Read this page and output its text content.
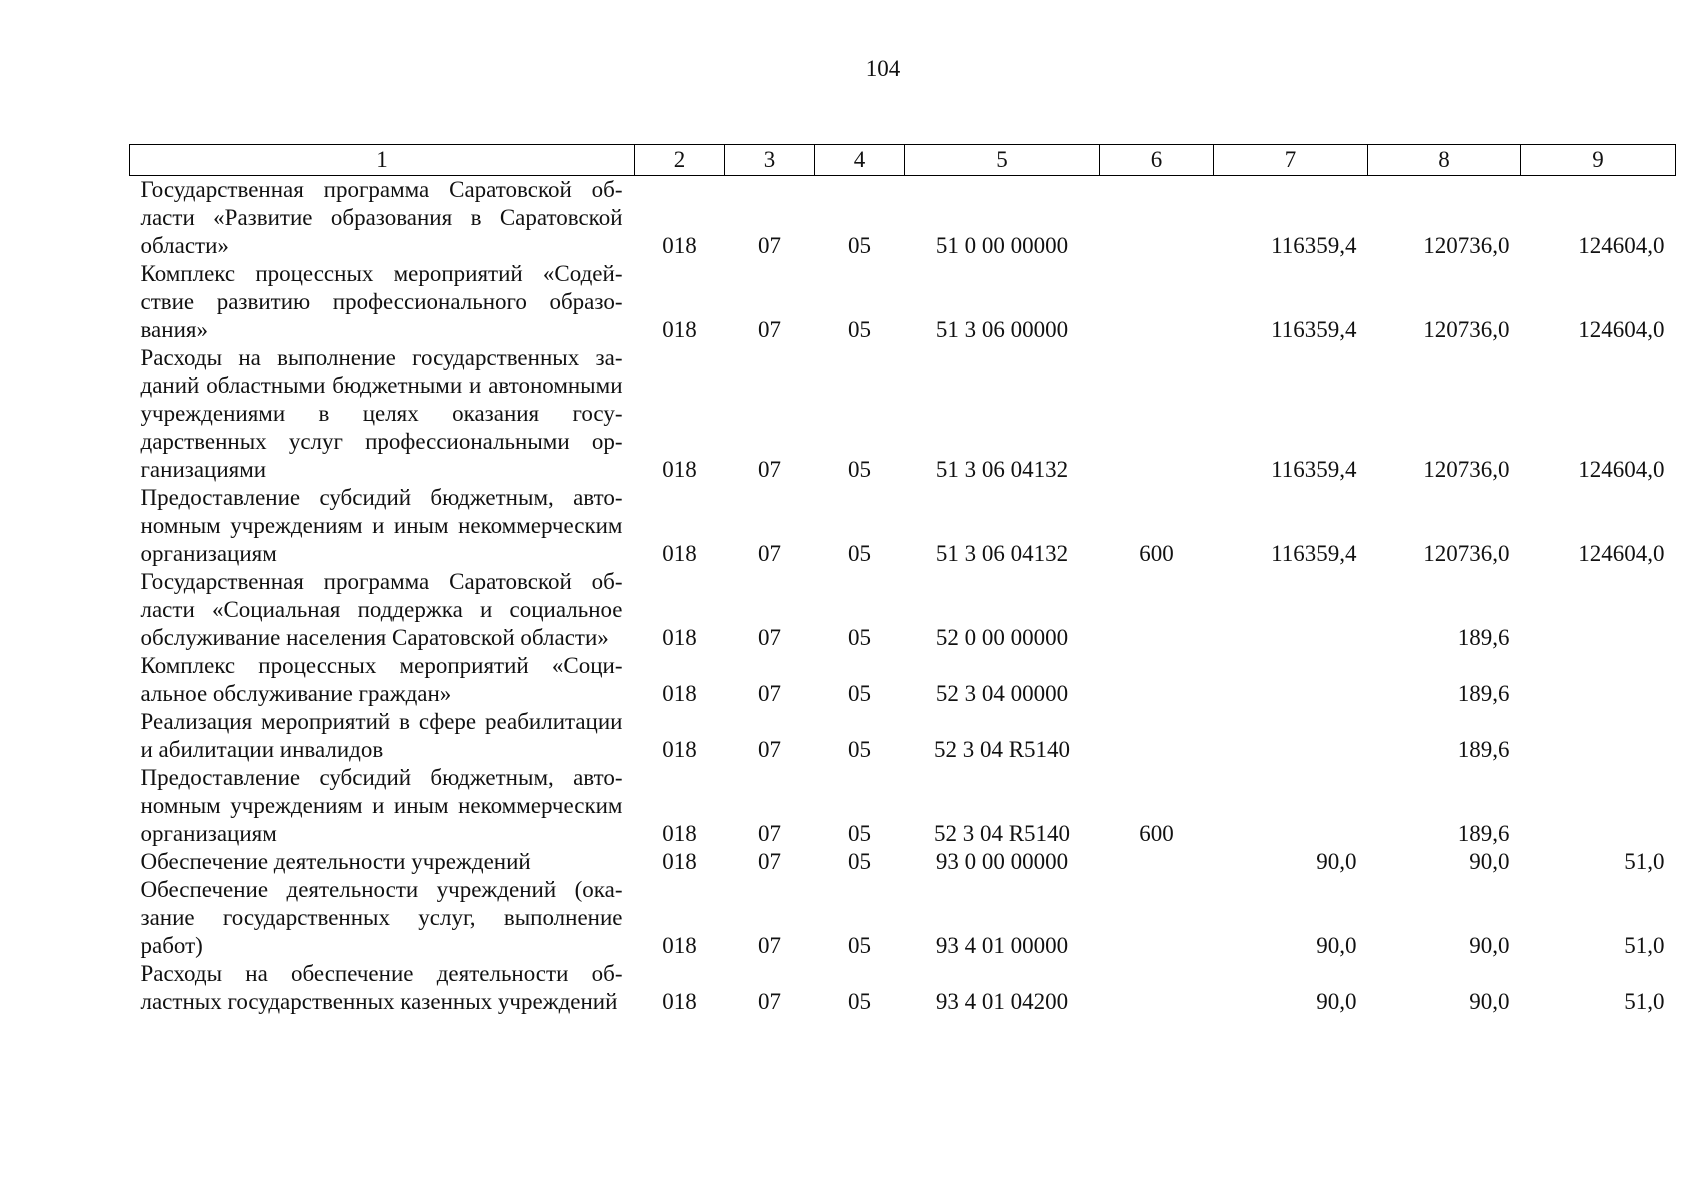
104
1	2	3	4	5	6	7	8	9
Государственная программа Саратовской области «Развитие образования в Саратовской области»	018	07	05	51 0 00 00000		116359,4	120736,0	124604,0
Комплекс процессных мероприятий «Содействие развитию профессионального образования»	018	07	05	51 3 06 00000		116359,4	120736,0	124604,0
Расходы на выполнение государственных заданий областными бюджетными и автономными учреждениями в целях оказания государственных услуг профессиональными организациями	018	07	05	51 3 06 04132		116359,4	120736,0	124604,0
Предоставление субсидий бюджетным, автономным учреждениям и иным некоммерческим организациям	018	07	05	51 3 06 04132	600	116359,4	120736,0	124604,0
Государственная программа Саратовской области «Социальная поддержка и социальное обслуживание населения Саратовской области»	018	07	05	52 0 00 00000			189,6	
Комплекс процессных мероприятий «Социальное обслуживание граждан»	018	07	05	52 3 04 00000			189,6	
Реализация мероприятий в сфере реабилитации и абилитации инвалидов	018	07	05	52 3 04 R5140			189,6	
Предоставление субсидий бюджетным, автономным учреждениям и иным некоммерческим организациям	018	07	05	52 3 04 R5140	600		189,6	
Обеспечение деятельности учреждений	018	07	05	93 0 00 00000		90,0	90,0	51,0
Обеспечение деятельности учреждений (оказание государственных услуг, выполнение работ)	018	07	05	93 4 01 00000		90,0	90,0	51,0
Расходы на обеспечение деятельности областных государственных казенных учреждений	018	07	05	93 4 01 04200		90,0	90,0	51,0
